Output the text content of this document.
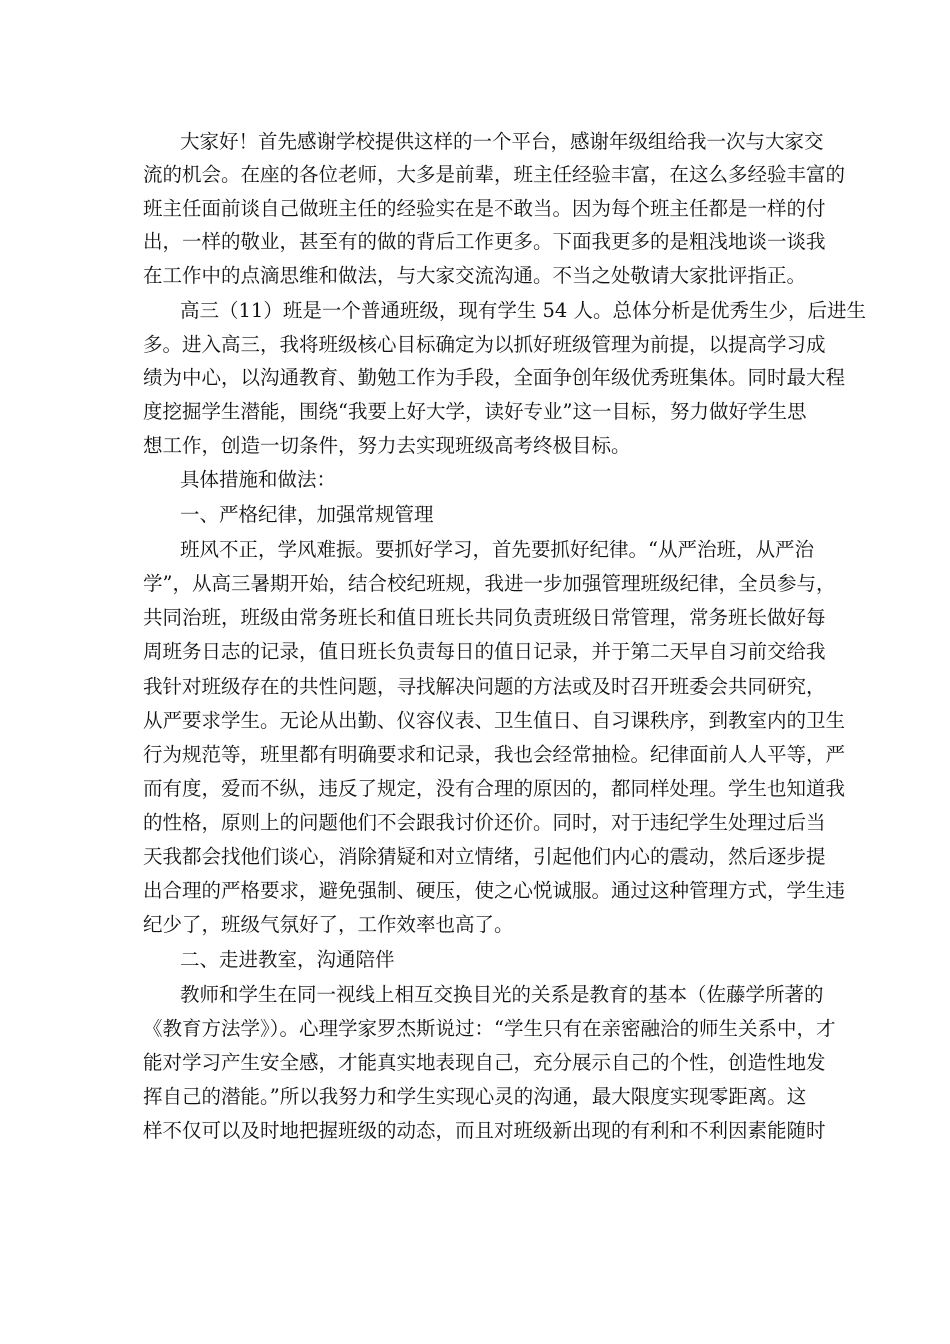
大家好！首先感谢学校提供这样的一个平台，感谢年级组给我一次与大家交
流的机会。在座的各位老师，大多是前辈，班主任经验丰富，在这么多经验丰富的
班主任面前谈自己做班主任的经验实在是不敢当。因为每个班主任都是一样的付
出，一样的敬业，甚至有的做的背后工作更多。下面我更多的是粗浅地谈一谈我
在工作中的点滴思维和做法，与大家交流沟通。不当之处敬请大家批评指正。
高三（11）班是一个普通班级，现有学生 54 人。总体分析是优秀生少，后进生
多。进入高三，我将班级核心目标确定为以抓好班级管理为前提，以提高学习成
绩为中心，以沟通教育、勤勉工作为手段，全面争创年级优秀班集体。同时最大程
度挖掘学生潜能，围绕“我要上好大学，读好专业”这一目标，努力做好学生思
想工作，创造一切条件，努力去实现班级高考终极目标。
具体措施和做法：
一、严格纪律，加强常规管理
班风不正，学风难振。要抓好学习，首先要抓好纪律。“从严治班，从严治
学”，从高三暑期开始，结合校纪班规，我进一步加强管理班级纪律，全员参与，
共同治班，班级由常务班长和值日班长共同负责班级日常管理，常务班长做好每
周班务日志的记录，值日班长负责每日的值日记录，并于第二天早自习前交给我
我针对班级存在的共性问题，寻找解决问题的方法或及时召开班委会共同研究，
从严要求学生。无论从出勤、仪容仪表、卫生值日、自习课秩序，到教室内的卫生
行为规范等，班里都有明确要求和记录，我也会经常抽检。纪律面前人人平等，严
而有度，爱而不纵，违反了规定，没有合理的原因的，都同样处理。学生也知道我
的性格，原则上的问题他们不会跟我讨价还价。同时，对于违纪学生处理过后当
天我都会找他们谈心，消除猜疑和对立情绪，引起他们内心的震动，然后逐步提
出合理的严格要求，避免强制、硬压，使之心悦诚服。通过这种管理方式，学生违
纪少了，班级气氛好了，工作效率也高了。
二、走进教室，沟通陪伴
教师和学生在同一视线上相互交换目光的关系是教育的基本（佐藤学所著的
《教育方法学》）。心理学家罗杰斯说过：“学生只有在亲密融洽的师生关系中，才
能对学习产生安全感，才能真实地表现自己，充分展示自己的个性，创造性地发
挥自己的潜能。”所以我努力和学生实现心灵的沟通，最大限度实现零距离。这
样不仅可以及时地把握班级的动态，而且对班级新出现的有利和不利因素能随时
